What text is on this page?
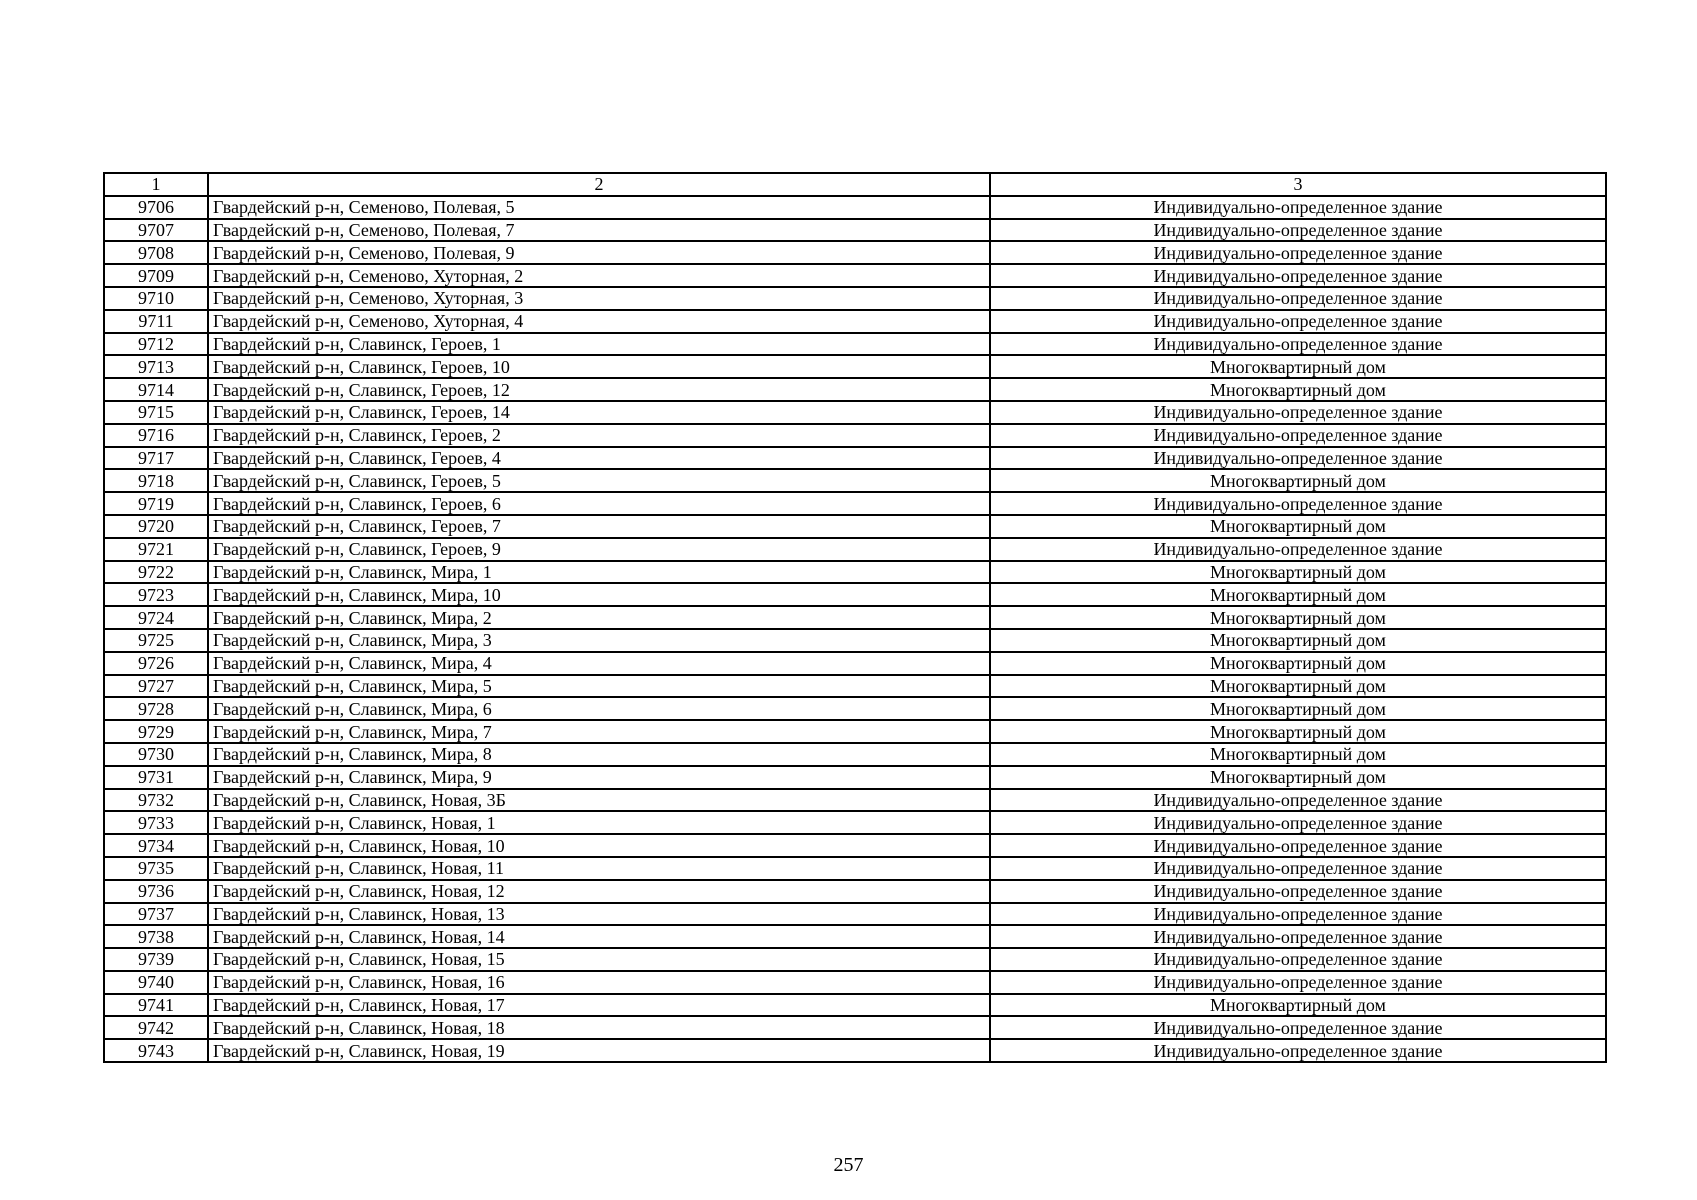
1	2	3
9706	Гвардейский р-н, Семеново, Полевая, 5	Индивидуально-определенное здание
9707	Гвардейский р-н, Семеново, Полевая, 7	Индивидуально-определенное здание
9708	Гвардейский р-н, Семеново, Полевая, 9	Индивидуально-определенное здание
9709	Гвардейский р-н, Семеново, Хуторная, 2	Индивидуально-определенное здание
9710	Гвардейский р-н, Семеново, Хуторная, 3	Индивидуально-определенное здание
9711	Гвардейский р-н, Семеново, Хуторная, 4	Индивидуально-определенное здание
9712	Гвардейский р-н, Славинск, Героев, 1	Индивидуально-определенное здание
9713	Гвардейский р-н, Славинск, Героев, 10	Многоквартирный дом
9714	Гвардейский р-н, Славинск, Героев, 12	Многоквартирный дом
9715	Гвардейский р-н, Славинск, Героев, 14	Индивидуально-определенное здание
9716	Гвардейский р-н, Славинск, Героев, 2	Индивидуально-определенное здание
9717	Гвардейский р-н, Славинск, Героев, 4	Индивидуально-определенное здание
9718	Гвардейский р-н, Славинск, Героев, 5	Многоквартирный дом
9719	Гвардейский р-н, Славинск, Героев, 6	Индивидуально-определенное здание
9720	Гвардейский р-н, Славинск, Героев, 7	Многоквартирный дом
9721	Гвардейский р-н, Славинск, Героев, 9	Индивидуально-определенное здание
9722	Гвардейский р-н, Славинск, Мира, 1	Многоквартирный дом
9723	Гвардейский р-н, Славинск, Мира, 10	Многоквартирный дом
9724	Гвардейский р-н, Славинск, Мира, 2	Многоквартирный дом
9725	Гвардейский р-н, Славинск, Мира, 3	Многоквартирный дом
9726	Гвардейский р-н, Славинск, Мира, 4	Многоквартирный дом
9727	Гвардейский р-н, Славинск, Мира, 5	Многоквартирный дом
9728	Гвардейский р-н, Славинск, Мира, 6	Многоквартирный дом
9729	Гвардейский р-н, Славинск, Мира, 7	Многоквартирный дом
9730	Гвардейский р-н, Славинск, Мира, 8	Многоквартирный дом
9731	Гвардейский р-н, Славинск, Мира, 9	Многоквартирный дом
9732	Гвардейский р-н, Славинск, Новая, 3Б	Индивидуально-определенное здание
9733	Гвардейский р-н, Славинск, Новая, 1	Индивидуально-определенное здание
9734	Гвардейский р-н, Славинск, Новая, 10	Индивидуально-определенное здание
9735	Гвардейский р-н, Славинск, Новая, 11	Индивидуально-определенное здание
9736	Гвардейский р-н, Славинск, Новая, 12	Индивидуально-определенное здание
9737	Гвардейский р-н, Славинск, Новая, 13	Индивидуально-определенное здание
9738	Гвардейский р-н, Славинск, Новая, 14	Индивидуально-определенное здание
9739	Гвардейский р-н, Славинск, Новая, 15	Индивидуально-определенное здание
9740	Гвардейский р-н, Славинск, Новая, 16	Индивидуально-определенное здание
9741	Гвардейский р-н, Славинск, Новая, 17	Многоквартирный дом
9742	Гвардейский р-н, Славинск, Новая, 18	Индивидуально-определенное здание
9743	Гвардейский р-н, Славинск, Новая, 19	Индивидуально-определенное здание
257
